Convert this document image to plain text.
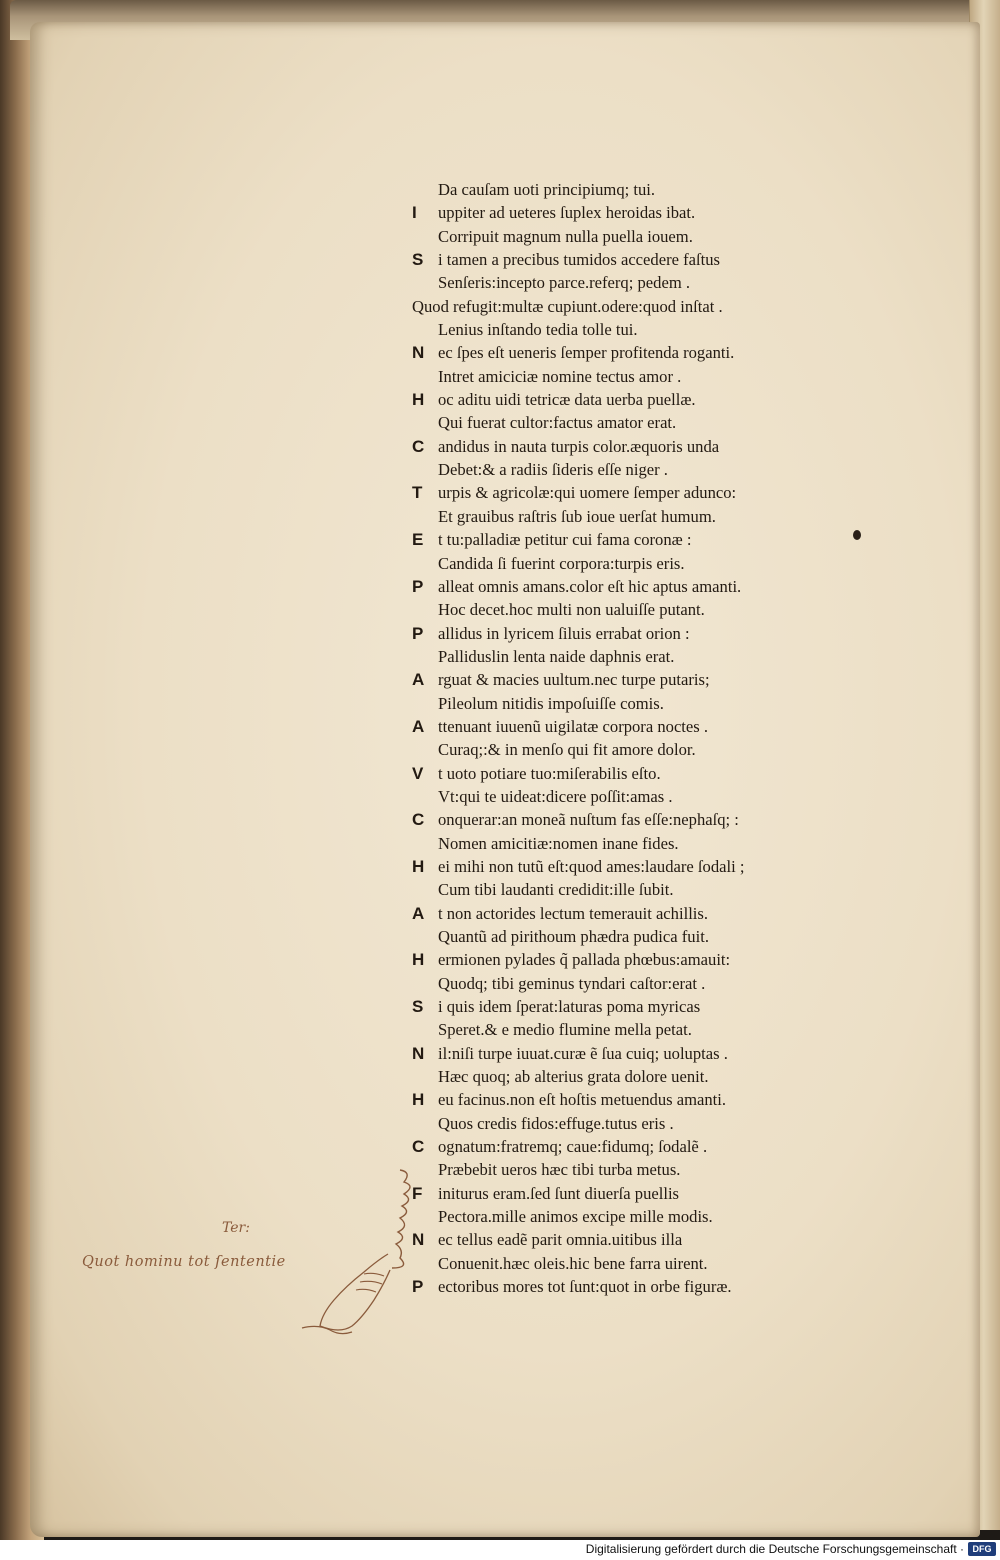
Da cauſam uoti principiumq; tui.
I uppiter ad ueteres ſuplex heroidas ibat.
Corripuit magnum nulla puella iouem.
S i tamen a precibus tumidos accedere faſtus
Senſeris:incepto parce.referq; pedem .
Quod refugit:multæ cupiunt.odere:quod inſtat .
Lenius inſtando tedia tolle tui.
N ec ſpes eſt ueneris ſemper profitenda roganti.
Intret amiciciæ nomine tectus amor .
H oc aditu uidi tetricæ data uerba puellæ.
Qui fuerat cultor:factus amator erat.
C andidus in nauta turpis color.æquoris unda
Debet:& a radiis ſideris eſſe niger .
T urpis & agricolæ:qui uomere ſemper adunco:
Et grauibus raſtris ſub ioue uerſat humum.
E t tu:palladiæ petitur cui fama coronæ :
Candida ſi fuerint corpora:turpis eris.
P alleat omnis amans.color eſt hic aptus amanti.
Hoc decet.hoc multi non ualuiſſe putant.
P allidus in lyricem ſiluis errabat orion :
Palliduslin lenta naide daphnis erat.
A rguat & macies uultum.nec turpe putaris;
Pileolum nitidis impoſuiſſe comis.
A ttenuant iuuenũ uigilatæ corpora noctes .
Curaq;:& in menſo qui fit amore dolor.
V t uoto potiare tuo:miſerabilis eſto.
Vt:qui te uideat:dicere poſſit:amas .
C onquerar:an moneã nuſtum fas eſſe:nephaſq; :
Nomen amicitiæ:nomen inane fides.
H ei mihi non tutũ eſt:quod ames:laudare ſodali ;
Cum tibi laudanti credidit:ille ſubit.
A t non actorides lectum temerauit achillis.
Quantũ ad pirithoum phædra pudica fuit.
H ermionen pylades q̃ pallada phœbus:amauit:
Quodq; tibi geminus tyndari caſtor:erat .
S i quis idem ſperat:laturas poma myricas
Speret.& e medio flumine mella petat.
N il:niſi turpe iuuat.curæ ẽ ſua cuiq; uoluptas .
Hæc quoq; ab alterius grata dolore uenit.
H eu facinus.non eſt hoſtis metuendus amanti.
Quos credis fidos:effuge.tutus eris .
C ognatum:fratremq; caue:fidumq; ſodalẽ .
Præbebit ueros hæc tibi turba metus.
F initurus eram.ſed ſunt diuerſa puellis
Pectora.mille animos excipe mille modis.
N ec tellus eadẽ parit omnia.uitibus illa
Conuenit.hæc oleis.hic bene farra uirent.
P ectoribus mores tot ſunt:quot in orbe figuræ.
Ter:
Quot hominu tot ſententie
Digitalisierung gefördert durch die Deutsche Forschungsgemeinschaft · DFG
